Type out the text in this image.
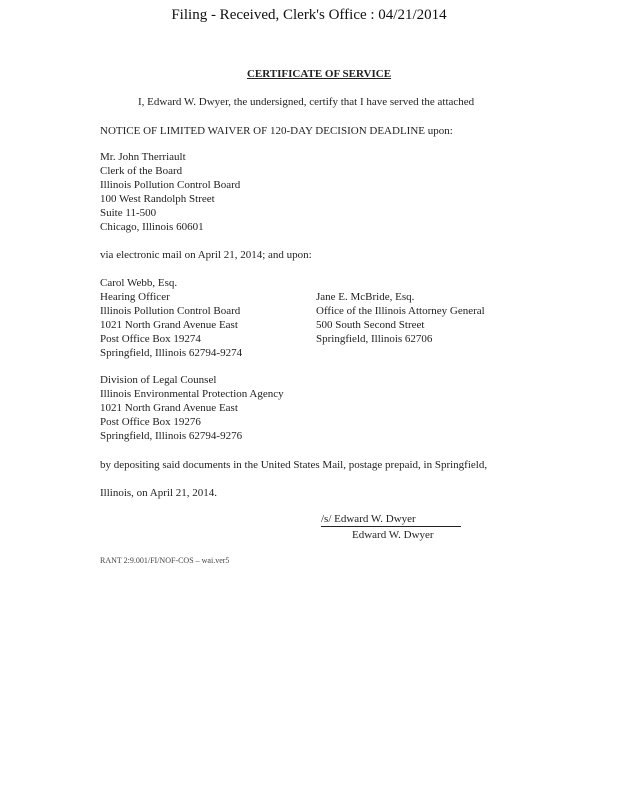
Filing - Received, Clerk's Office : 04/21/2014
CERTIFICATE OF SERVICE
I, Edward W. Dwyer, the undersigned, certify that I have served the attached
NOTICE OF LIMITED WAIVER OF 120-DAY DECISION DEADLINE upon:
Mr. John Therriault
Clerk of the Board
Illinois Pollution Control Board
100 West Randolph Street
Suite 11-500
Chicago, Illinois 60601
via electronic mail on April 21, 2014; and upon:
Carol Webb, Esq.
Hearing Officer
Illinois Pollution Control Board
1021 North Grand Avenue East
Post Office Box 19274
Springfield, Illinois 62794-9274
Jane E. McBride, Esq.
Office of the Illinois Attorney General
500 South Second Street
Springfield, Illinois 62706
Division of Legal Counsel
Illinois Environmental Protection Agency
1021 North Grand Avenue East
Post Office Box 19276
Springfield, Illinois 62794-9276
by depositing said documents in the United States Mail, postage prepaid, in Springfield,
Illinois, on April 21, 2014.
/s/ Edward W. Dwyer
Edward W. Dwyer
RANT 2:9.001/FI/NOF-COS – wai.ver5
